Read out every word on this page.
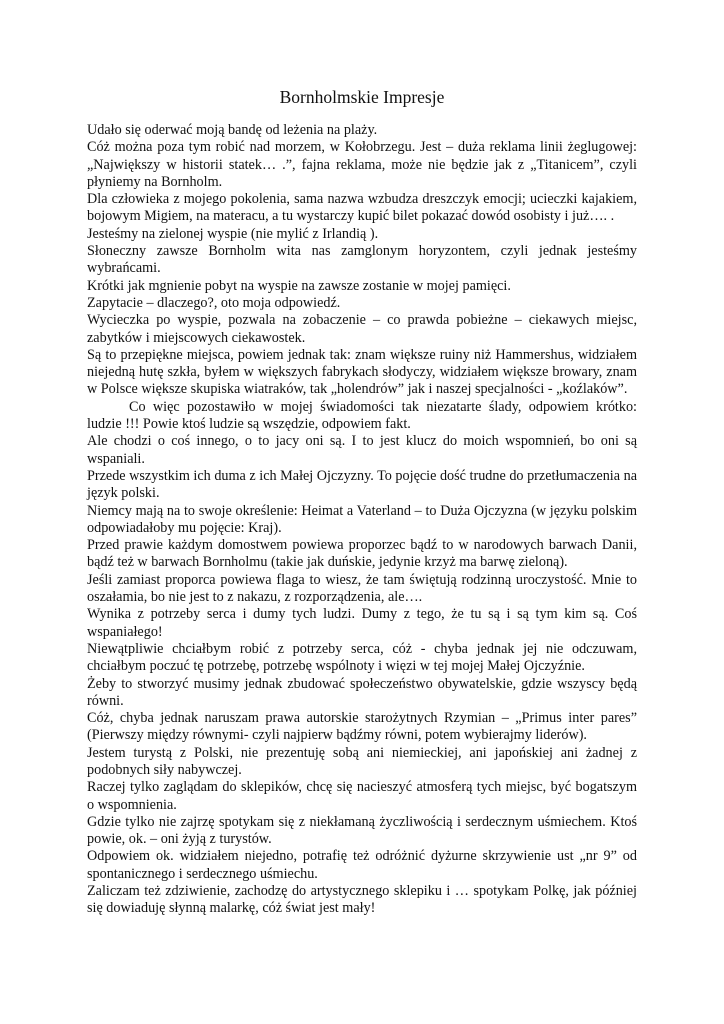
Bornholmskie Impresje

Udało się oderwać moją bandę od leżenia na plaży.

Cóż można poza tym robić nad morzem, w Kołobrzegu. Jest – duża reklama linii żeglugowej: „Największy w historii statek… .”, fajna reklama, może nie będzie jak z „Titanicem”, czyli płyniemy na Bornholm.

Dla człowieka z mojego pokolenia, sama nazwa wzbudza dreszczyk emocji; ucieczki kajakiem, bojowym Migiem, na materacu, a tu wystarczy kupić bilet pokazać dowód osobisty i już…. .

Jesteśmy na zielonej wyspie (nie mylić z Irlandią ).

Słoneczny zawsze Bornholm wita nas zamglonym horyzontem, czyli jednak jesteśmy wybrańcami.

Krótki jak mgnienie pobyt na wyspie na zawsze zostanie w mojej pamięci.

Zapytacie – dlaczego?, oto moja odpowiedź.

Wycieczka po wyspie, pozwala na zobaczenie – co prawda pobieżne – ciekawych miejsc, zabytków i miejscowych ciekawostek.

Są to przepiękne miejsca, powiem jednak tak: znam większe ruiny niż Hammershus, widziałem niejedną hutę szkła, byłem w większych fabrykach słodyczy, widziałem większe browary, znam w Polsce większe skupiska wiatraków, tak „holendrów” jak i naszej specjalności - „koźlaków”.

Co więc pozostawiło w mojej świadomości tak niezatarte ślady, odpowiem krótko: ludzie !!! Powie ktoś ludzie są wszędzie, odpowiem fakt.

Ale chodzi o coś innego, o to jacy oni są. I to jest klucz do moich wspomnień, bo oni są wspaniali.

Przede wszystkim ich duma z ich Małej Ojczyzny. To pojęcie dość trudne do przetłumaczenia na język polski.

Niemcy mają na to swoje określenie: Heimat a Vaterland – to Duża Ojczyzna (w języku polskim odpowiadałoby mu pojęcie: Kraj).

Przed prawie każdym domostwem powiewa proporzec bądź to w narodowych barwach Danii, bądź też w barwach Bornholmu (takie jak duńskie, jedynie krzyż ma barwę zieloną).

Jeśli zamiast proporca powiewa flaga to wiesz, że tam świętują rodzinną uroczystość. Mnie to oszałamia, bo nie jest to z nakazu, z rozporządzenia, ale….

Wynika z potrzeby serca i dumy tych ludzi. Dumy z tego, że tu są i są tym kim są. Coś wspaniałego!

Niewątpliwie chciałbym robić z potrzeby serca, cóż - chyba jednak jej nie odczuwam, chciałbym poczuć tę potrzebę, potrzebę wspólnoty i więzi w tej mojej Małej Ojczyźnie.

Żeby to stworzyć musimy jednak zbudować społeczeństwo obywatelskie, gdzie wszyscy będą równi.

Cóż, chyba jednak naruszam prawa autorskie starożytnych Rzymian – „Primus inter pares” (Pierwszy między równymi- czyli najpierw bądźmy równi, potem wybierajmy liderów).

Jestem turystą z Polski, nie prezentuję sobą ani niemieckiej, ani japońskiej ani żadnej z podobnych siły nabywczej.

Raczej tylko zaglądam do sklepików, chcę się nacieszyć atmosferą tych miejsc, być bogatszym o wspomnienia.

Gdzie tylko nie zajrzę spotykam się z niekłamaną życzliwością i serdecznym uśmiechem. Ktoś powie, ok. – oni żyją z turystów.

Odpowiem ok. widziałem niejedno, potrafię też odróżnić dyżurne skrzywienie ust „nr 9” od spontanicznego i serdecznego uśmiechu.

Zaliczam też zdziwienie, zachodzę do artystycznego sklepiku i … spotykam Polkę, jak później się dowiaduję słynną malarkę, cóż świat jest mały!
